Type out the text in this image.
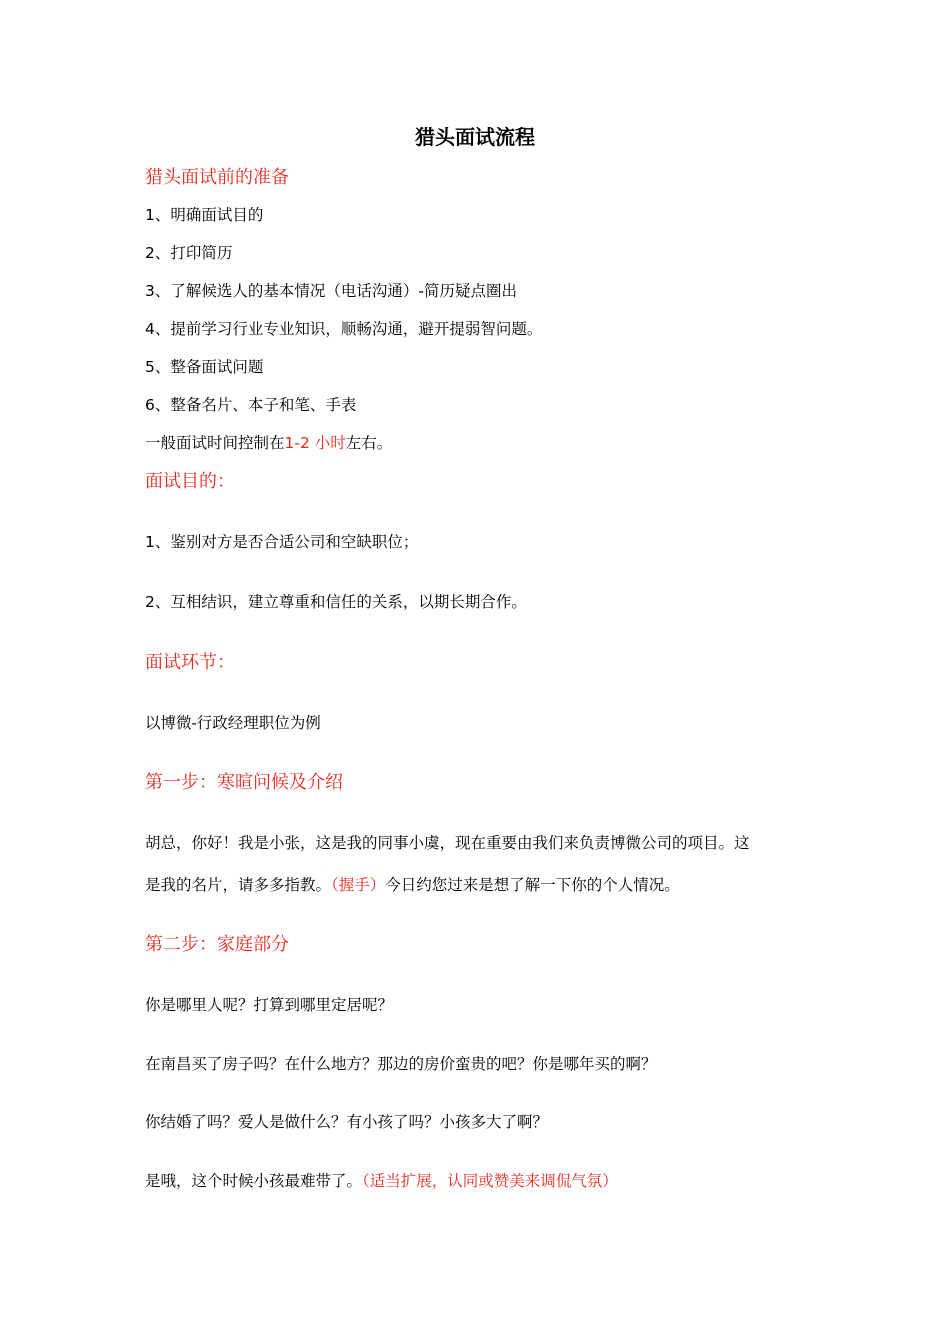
猎头面试流程
猎头面试前的准备
1、明确面试目的
2、打印简历
3、了解候选人的基本情况（电话沟通）-简历疑点圈出
4、提前学习行业专业知识，顺畅沟通，避开提弱智问题。
5、整备面试问题
6、整备名片、本子和笔、手表
一般面试时间控制在1-2 小时左右。
面试目的：
1、鉴别对方是否合适公司和空缺职位；
2、互相结识，建立尊重和信任的关系，以期长期合作。
面试环节：
以博微-行政经理职位为例
第一步：寒暄问候及介绍
胡总，你好！我是小张，这是我的同事小虞，现在重要由我们来负责博微公司的项目。这
是我的名片，请多多指教。（握手）今日约您过来是想了解一下你的个人情况。
第二步：家庭部分
你是哪里人呢？打算到哪里定居呢？
在南昌买了房子吗？在什么地方？那边的房价蛮贵的吧？你是哪年买的啊？
你结婚了吗？爱人是做什么？有小孩了吗？小孩多大了啊？
是哦，这个时候小孩最难带了。（适当扩展，认同或赞美来调侃气氛）
